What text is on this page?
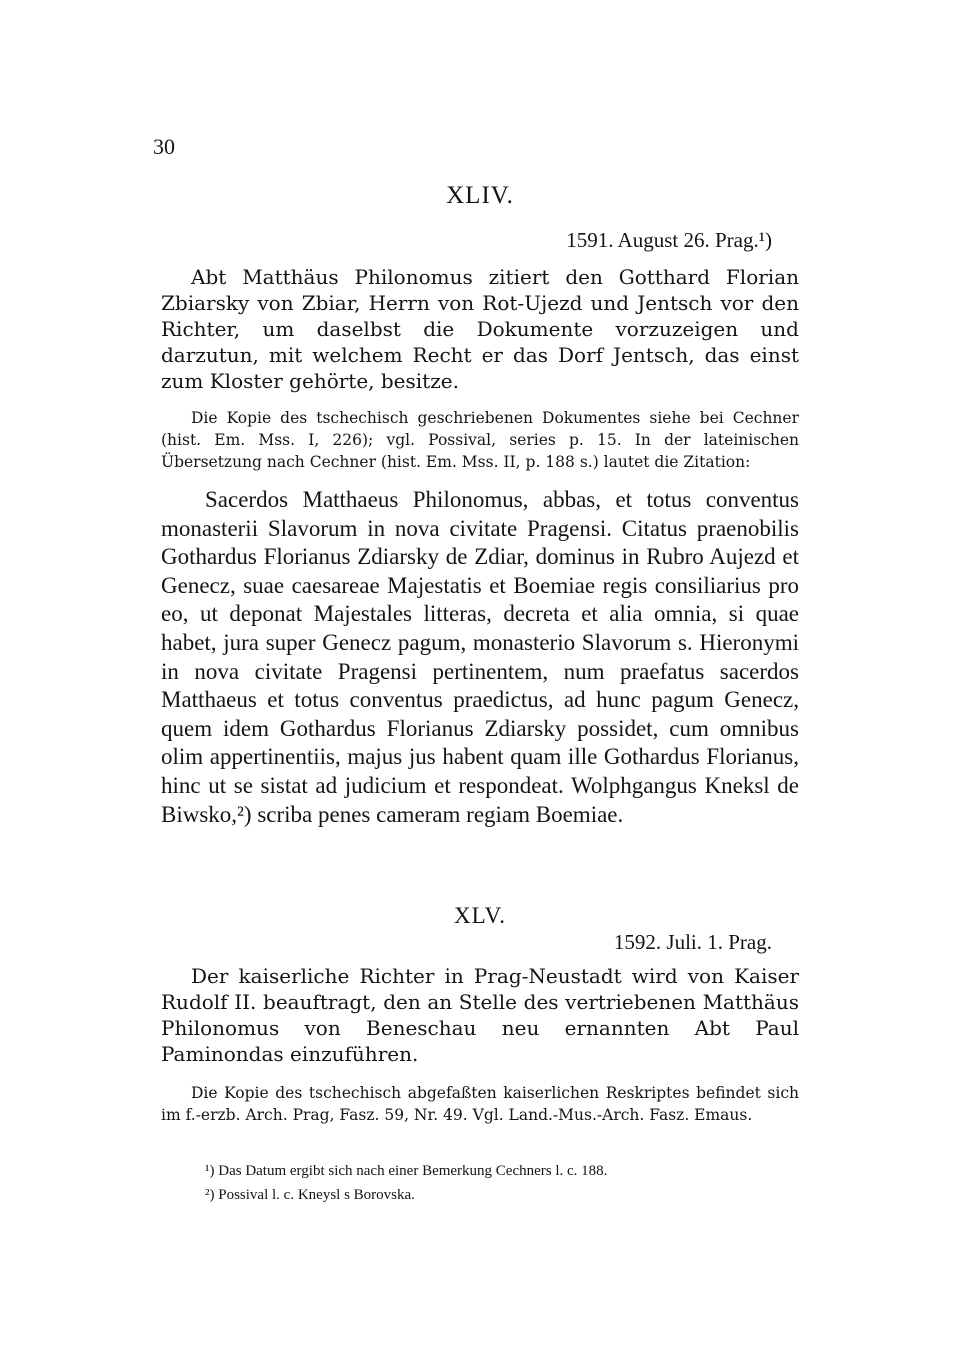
30
XLIV.
1591. August 26. Prag.¹)

Abt Matthäus Philonomus zitiert den Gotthard Florian Zbiarsky von Zbiar, Herrn von Rot-Ujezd und Jentsch vor den Richter, um daselbst die Dokumente vorzuzeigen und darzutun, mit welchem Recht er das Dorf Jentsch, das einst zum Kloster gehörte, besitze.

Die Kopie des tschechisch geschriebenen Dokumentes siehe bei Cechner (hist. Em. Mss. I, 226); vgl. Possival, series p. 15. In der lateinischen Übersetzung nach Cechner (hist. Em. Mss. II, p. 188 s.) lautet die Zitation:

Sacerdos Matthaeus Philonomus, abbas, et totus conventus monasterii Slavorum in nova civitate Pragensi. Citatus praenobilis Gothardus Florianus Zdiarsky de Zdiar, dominus in Rubro Aujezd et Genecz, suae caesareae Majestatis et Boemiae regis consiliarius pro eo, ut deponat Majestales litteras, decreta et alia omnia, si quae habet, jura super Genecz pagum, monasterio Slavorum s. Hieronymi in nova civitate Pragensi pertinentem, num praefatus sacerdos Matthaeus et totus conventus praedictus, ad hunc pagum Genecz, quem idem Gothardus Florianus Zdiarsky possidet, cum omnibus olim appertinentiis, majus jus habent quam ille Gothardus Florianus, hinc ut se sistat ad judicium et respondeat. Wolphgangus Kneksl de Biwsko,²) scriba penes cameram regiam Boemiae.

XLV.
1592. Juli. 1. Prag.

Der kaiserliche Richter in Prag-Neustadt wird von Kaiser Rudolf II. beauftragt, den an Stelle des vertriebenen Matthäus Philonomus von Beneschau neu ernannten Abt Paul Paminondas einzuführen.

Die Kopie des tschechisch abgefaßten kaiserlichen Reskriptes befindet sich im f.-erzb. Arch. Prag, Fasz. 59, Nr. 49. Vgl. Land.-Mus.-Arch. Fasz. Emaus.

¹) Das Datum ergibt sich nach einer Bemerkung Cechners l. c. 188.
²) Possival l. c. Kneysl s Borovska.
